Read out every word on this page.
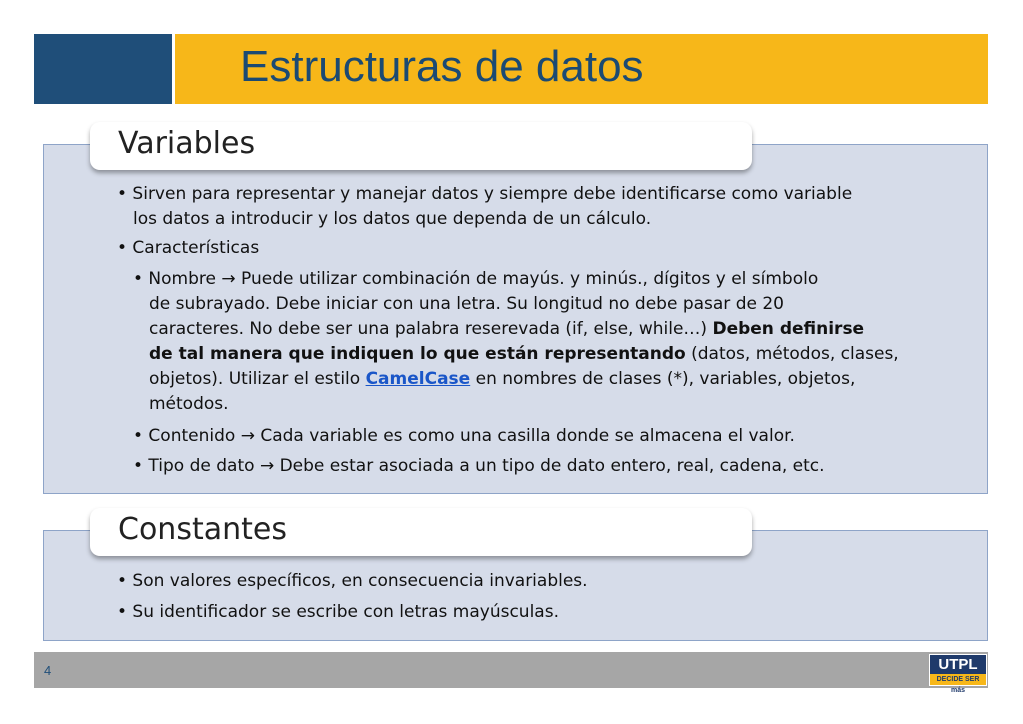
Estructuras de datos
Variables
• Sirven para representar y manejar datos y siempre debe identificarse como variable
los datos a introducir y los datos que dependa de un cálculo.
• Características
• Nombre → Puede utilizar combinación de mayús. y minús., dígitos y el símbolo
de subrayado. Debe iniciar con una letra. Su longitud no debe pasar de 20
caracteres. No debe ser una palabra reserevada (if, else, while…) Deben definirse
de tal manera que indiquen lo que están representando (datos, métodos, clases,
objetos). Utilizar el estilo CamelCase en nombres de clases (*), variables, objetos,
métodos.
• Contenido → Cada variable es como una casilla donde se almacena el valor.
• Tipo de dato → Debe estar asociada a un tipo de dato entero, real, cadena, etc.
Constantes
• Son valores específicos, en consecuencia invariables.
• Su identificador se escribe con letras mayúsculas.
4	UTPL
DECIDE SER más
